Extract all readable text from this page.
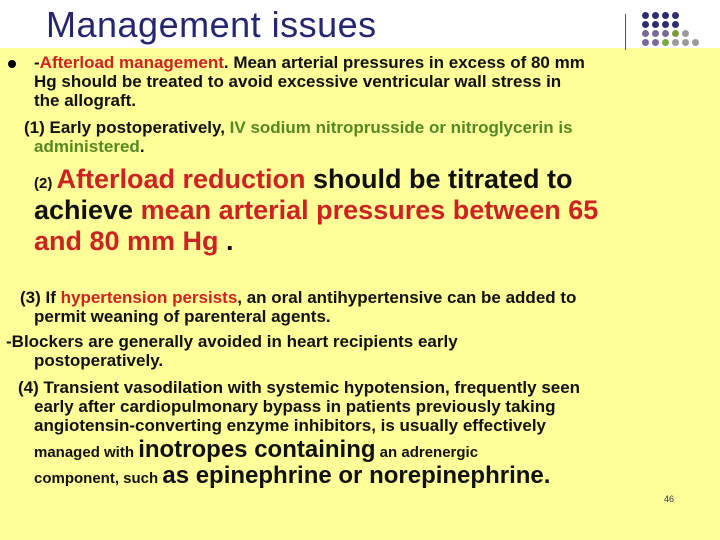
Management issues
-Afterload management. Mean arterial pressures in excess of 80 mm
Hg should be treated to avoid excessive ventricular wall stress in
the allograft.
(1) Early postoperatively, IV sodium nitroprusside or nitroglycerin is
administered.
(2) Afterload reduction should be titrated to
achieve mean arterial pressures between 65
and 80 mm Hg .
(3) If hypertension persists, an oral antihypertensive can be added to
permit weaning of parenteral agents.
-Blockers are generally avoided in heart recipients early
postoperatively.
(4) Transient vasodilation with systemic hypotension, frequently seen
early after cardiopulmonary bypass in patients previously taking
angiotensin-converting enzyme inhibitors, is usually effectively
managed with inotropes containing an adrenergic
component, such as epinephrine or norepinephrine.
46
